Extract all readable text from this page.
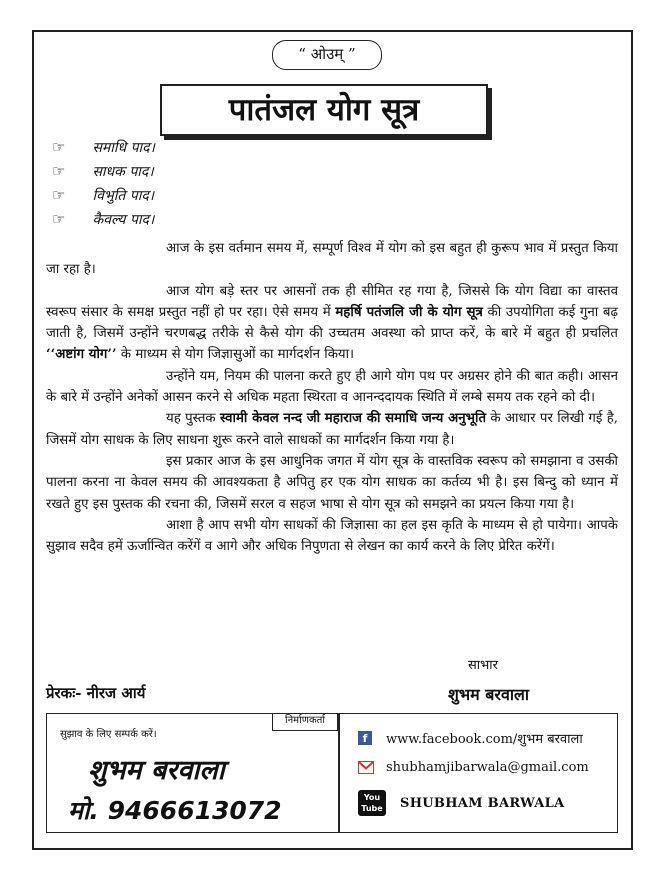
“ ओउम् ”
पातंजल योग सूत्र
☞ समाधि पाद।
☞ साधक पाद।
☞ विभुति पाद।
☞ कैवल्य पाद।

आज के इस वर्तमान समय में, सम्पूर्ण विश्व में योग को इस बहुत ही कुरूप भाव में प्रस्तुत किया जा रहा है।

आज योग बड़े स्तर पर आसनों तक ही सीमित रह गया है, जिससे कि योग विद्या का वास्तव स्वरूप संसार के समक्ष प्रस्तुत नहीं हो पर रहा। ऐसे समय में महर्षि पतंजलि जी के योग सूत्र की उपयोगिता कई गुना बढ़ जाती है, जिसमें उन्होंने चरणबद्ध तरीके से कैसे योग की उच्चतम अवस्था को प्राप्त करें, के बारे में बहुत ही प्रचलित ‘‘अष्टांग योग’’ के माध्यम से योग जिज्ञासुओं का मार्गदर्शन किया।

उन्होंने यम, नियम की पालना करते हुए ही आगे योग पथ पर अग्रसर होने की बात कही। आसन के बारे में उन्होंने अनेकों आसन करने से अधिक महता स्थिरता व आनन्ददायक स्थिति में लम्बे समय तक रहने को दी।

यह पुस्तक स्वामी केवल नन्द जी महाराज की समाधि जन्य अनुभूति के आधार पर लिखी गई है, जिसमें योग साधक के लिए साधना शुरू करने वाले साधकों का मार्गदर्शन किया गया है।

इस प्रकार आज के इस आधुनिक जगत में योग सूत्र के वास्तविक स्वरूप को समझाना व उसकी पालना करना ना केवल समय की आवश्यकता है अपितु हर एक योग साधक का कर्तव्य भी है। इस बिन्दु को ध्यान में रखते हुए इस पुस्तक की रचना की, जिसमें सरल व सहज भाषा से योग सूत्र को समझने का प्रयत्न किया गया है।

आशा है आप सभी योग साधकों की जिज्ञासा का हल इस कृति के माध्यम से हो पायेगा। आपके सुझाव सदैव हमें ऊर्जान्वित करेंगें व आगे और अधिक निपुणता से लेखन का कार्य करने के लिए प्रेरित करेंगें।

साभार
प्रेरकः- नीरज आर्य	शुभम बरवाला
सुझाव के लिए सम्पर्क करें।
निर्माणकर्ता
शुभम बरवाला
मो. 9466613072
f	www.facebook.com/शुभम बरवाला
shubhamjibarwala@gmail.com
You Tube SHUBHAM BARWALA
